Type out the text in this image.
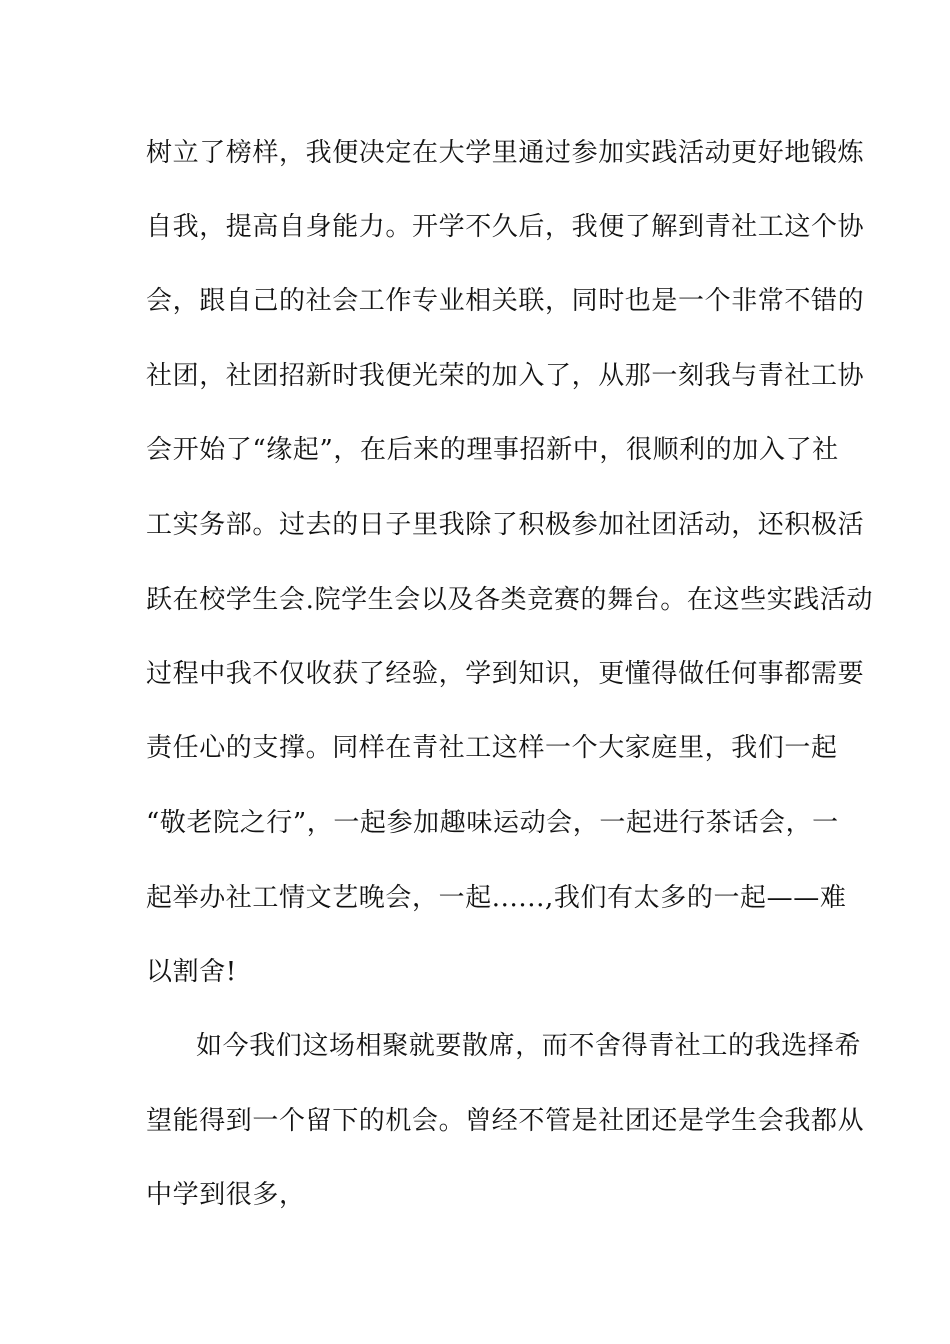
树立了榜样，我便决定在大学里通过参加实践活动更好地锻炼
自我，提高自身能力。开学不久后，我便了解到青社工这个协
会，跟自己的社会工作专业相关联，同时也是一个非常不错的
社团，社团招新时我便光荣的加入了，从那一刻我与青社工协
会开始了“缘起”，在后来的理事招新中，很顺利的加入了社
工实务部。过去的日子里我除了积极参加社团活动，还积极活
跃在校学生会.院学生会以及各类竞赛的舞台。在这些实践活动
过程中我不仅收获了经验，学到知识，更懂得做任何事都需要
责任心的支撑。同样在青社工这样一个大家庭里，我们一起
“敬老院之行”，一起参加趣味运动会，一起进行茶话会，一
起举办社工情文艺晚会，一起......,我们有太多的一起——难
以割舍!
如今我们这场相聚就要散席，而不舍得青社工的我选择希
望能得到一个留下的机会。曾经不管是社团还是学生会我都从
中学到很多，
